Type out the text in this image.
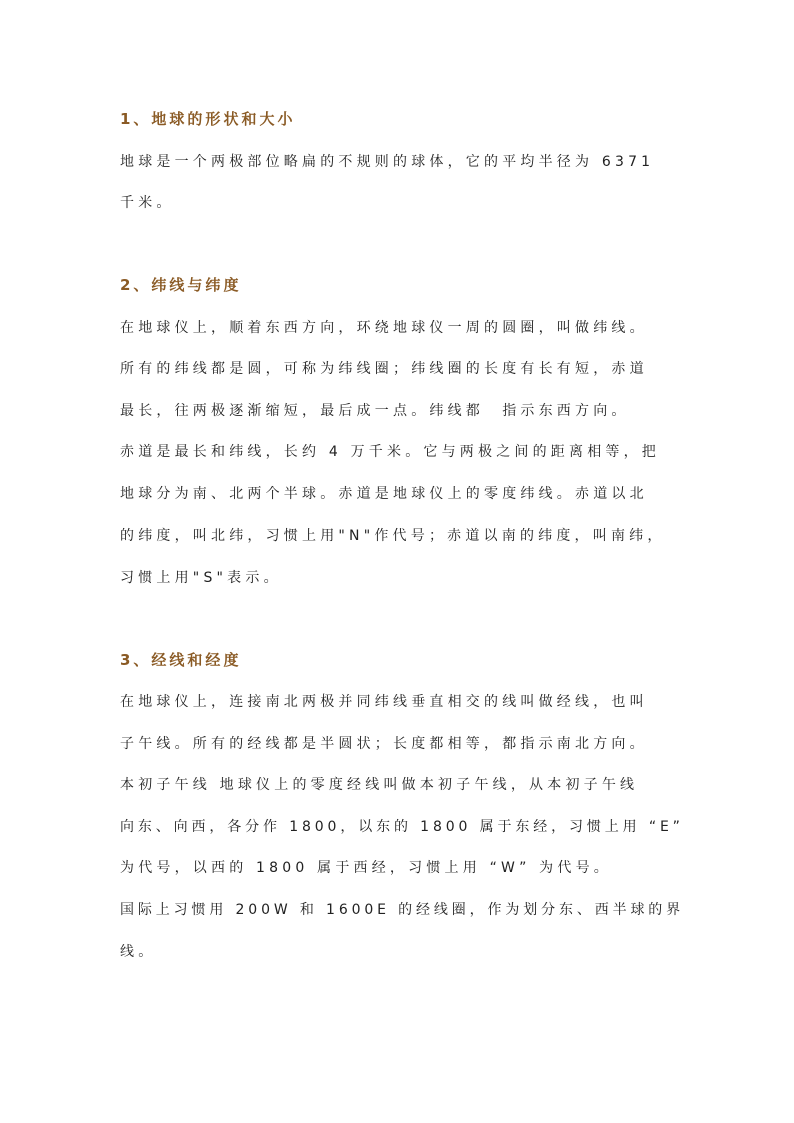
1、地球的形状和大小
地球是一个两极部位略扁的不规则的球体，它的平均半径为 6371
千米。
2、纬线与纬度
在地球仪上，顺着东西方向，环绕地球仪一周的圆圈，叫做纬线。
所有的纬线都是圆，可称为纬线圈；纬线圈的长度有长有短，赤道
最长，往两极逐渐缩短，最后成一点。纬线都　指示东西方向。
赤道是最长和纬线，长约 4 万千米。它与两极之间的距离相等，把
地球分为南、北两个半球。赤道是地球仪上的零度纬线。赤道以北
的纬度，叫北纬，习惯上用"N"作代号；赤道以南的纬度，叫南纬，
习惯上用"S"表示。
3、经线和经度
在地球仪上，连接南北两极并同纬线垂直相交的线叫做经线，也叫
子午线。所有的经线都是半圆状；长度都相等，都指示南北方向。
本初子午线 地球仪上的零度经线叫做本初子午线，从本初子午线
向东、向西，各分作 1800，以东的 1800 属于东经，习惯上用 “E”
为代号，以西的 1800 属于西经，习惯上用 “W” 为代号。
国际上习惯用 200W 和 1600E 的经线圈，作为划分东、西半球的界
线。
